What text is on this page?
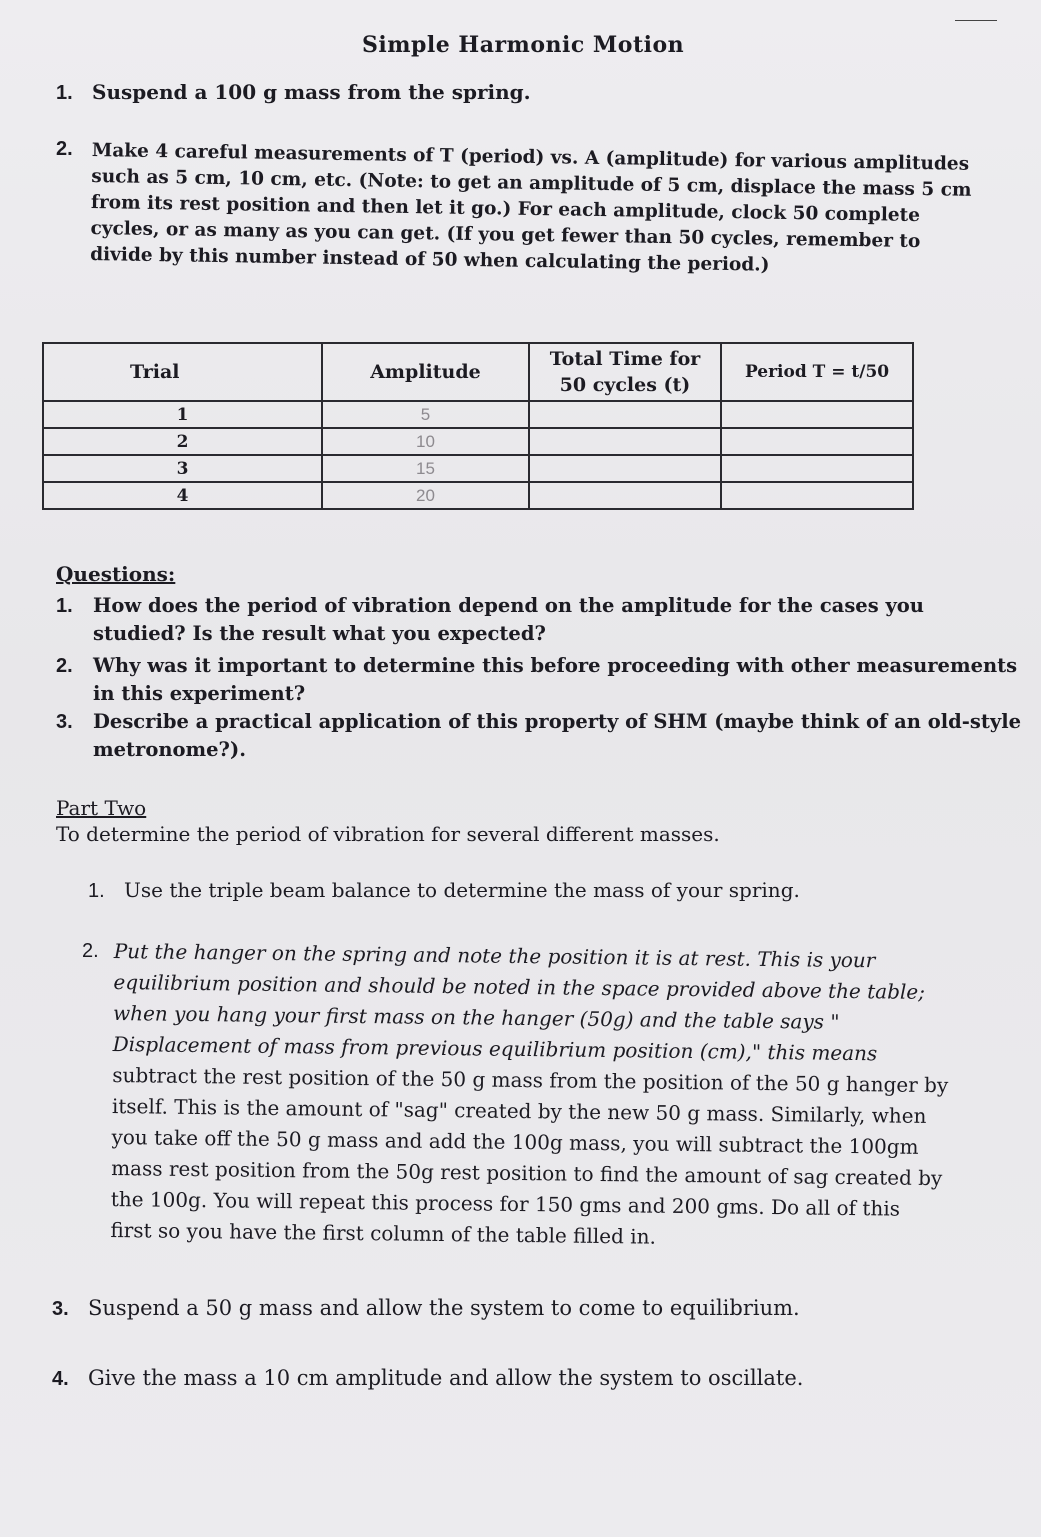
Simple Harmonic Motion
1. Suspend a 100 g mass from the spring.
2.	Make 4 careful measurements of T (period) vs. A (amplitude) for various amplitudes
such as 5 cm, 10 cm, etc. (Note: to get an amplitude of 5 cm, displace the mass 5 cm
from its rest position and then let it go.) For each amplitude, clock 50 complete
cycles, or as many as you can get. (If you get fewer than 50 cycles, remember to
divide by this number instead of 50 when calculating the period.)
Trial	Amplitude	Total Time for
50 cycles (t)	Period T = t/50
1	5		
2	10		
3	15		
4	20		
Questions:
1.	How does the period of vibration depend on the amplitude for the cases you
studied? Is the result what you expected?
2.	Why was it important to determine this before proceeding with other measurements
in this experiment?
3.	Describe a practical application of this property of SHM (maybe think of an old-style
metronome?).
Part Two
To determine the period of vibration for several different masses.
1. Use the triple beam balance to determine the mass of your spring.
2. Put the hanger on the spring and note the position it is at rest. This is your
equilibrium position and should be noted in the space provided above the table;
when you hang your first mass on the hanger (50g) and the table says "
Displacement of mass from previous equilibrium position (cm)," this means
subtract the rest position of the 50 g mass from the position of the 50 g hanger by
itself. This is the amount of "sag" created by the new 50 g mass. Similarly, when
you take off the 50 g mass and add the 100g mass, you will subtract the 100gm
mass rest position from the 50g rest position to find the amount of sag created by
the 100g. You will repeat this process for 150 gms and 200 gms. Do all of this
first so you have the first column of the table filled in.
3. Suspend a 50 g mass and allow the system to come to equilibrium.
4. Give the mass a 10 cm amplitude and allow the system to oscillate.
